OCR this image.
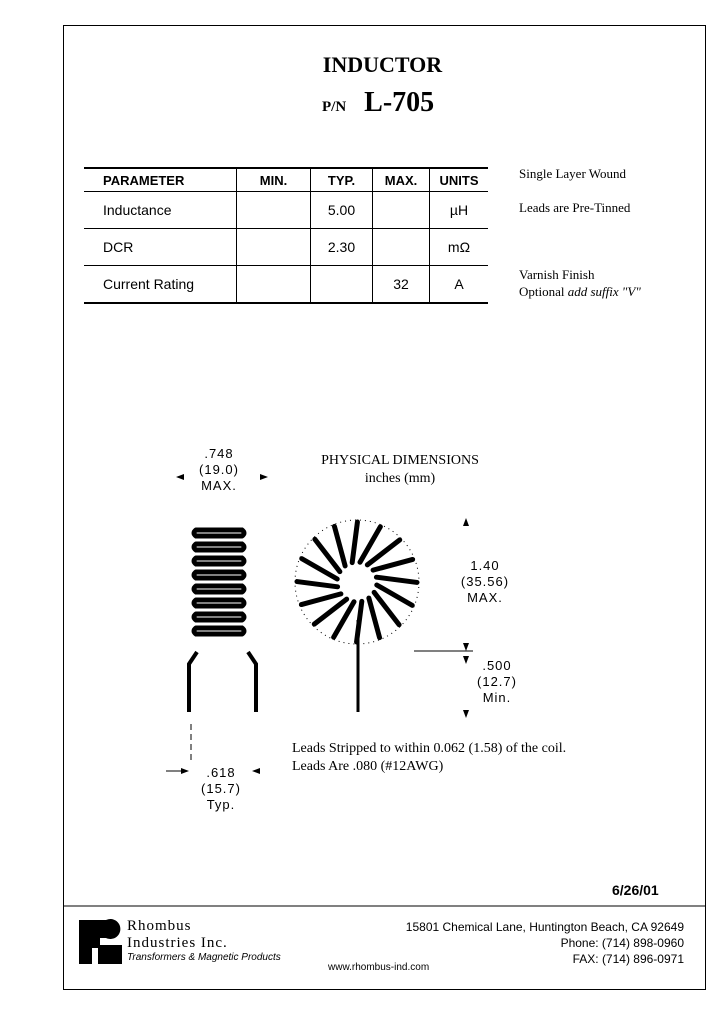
INDUCTOR
P/N L-705
PARAMETER	MIN.	TYP.	MAX.	UNITS
Inductance		5.00		µH
DCR		2.30		mΩ
Current Rating			32	A
Single Layer Wound
Leads are Pre-Tinned
Varnish Finish
Optional add suffix "V"
PHYSICAL DIMENSIONS
inches (mm)
.748
(19.0)
MAX.
1.40
(35.56)
MAX.
.500
(12.7)
Min.
.618
(15.7)
Typ.
Leads Stripped to within 0.062 (1.58) of the coil.
Leads Are .080 (#12AWG)
6/26/01
Rhombus
Industries Inc.
Transformers & Magnetic Products
15801 Chemical Lane, Huntington Beach, CA 92649
Phone: (714) 898-0960
FAX: (714) 896-0971
www.rhombus-ind.com
